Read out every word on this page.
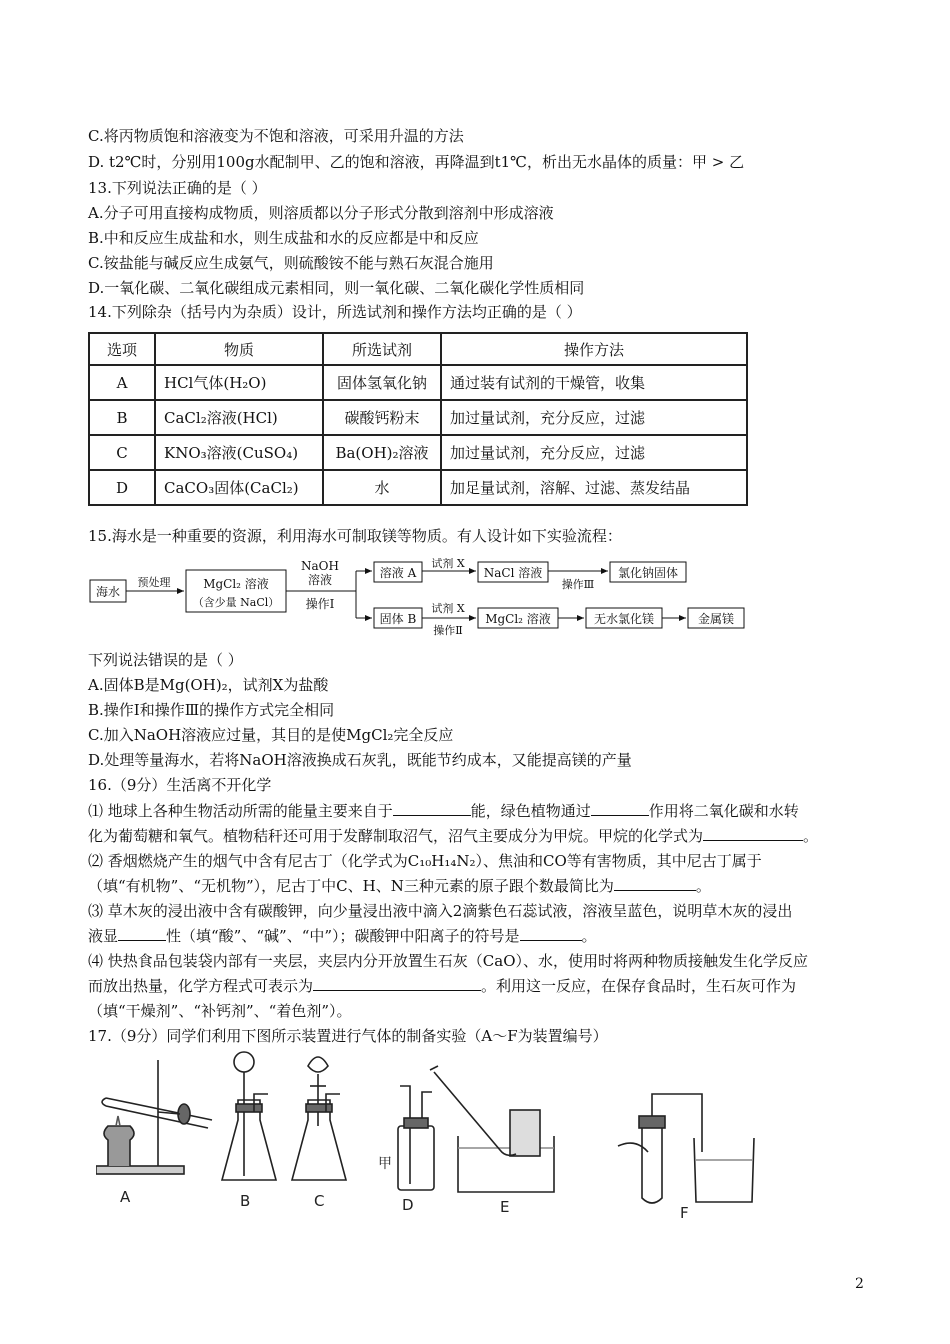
C.将丙物质饱和溶液变为不饱和溶液，可采用升温的方法
D. t2℃时，分别用100g水配制甲、乙的饱和溶液，再降温到t1℃，析出无水晶体的质量：甲 > 乙
13.下列说法正确的是（ ）
A.分子可用直接构成物质，则溶质都以分子形式分散到溶剂中形成溶液
B.中和反应生成盐和水，则生成盐和水的反应都是中和反应
C.铵盐能与碱反应生成氨气，则硫酸铵不能与熟石灰混合施用
D.一氧化碳、二氧化碳组成元素相同，则一氧化碳、二氧化碳化学性质相同
14.下列除杂（括号内为杂质）设计，所选试剂和操作方法均正确的是（ ）
选项	物质	所选试剂	操作方法
A	HCl气体(H₂O)	固体氢氧化钠	通过装有试剂的干燥管，收集
B	CaCl₂溶液(HCl)	碳酸钙粉末	加过量试剂，充分反应，过滤
C	KNO₃溶液(CuSO₄)	Ba(OH)₂溶液	加过量试剂，充分反应，过滤
D	CaCO₃固体(CaCl₂)	水	加足量试剂，溶解、过滤、蒸发结晶
15.海水是一种重要的资源，利用海水可制取镁等物质。有人设计如下实验流程：
海水
预处理	MgCl₂ 溶液
（含少量 NaCl）
NaOH
溶液
操作Ⅰ
溶液 A
试剂 X
NaCl 溶液
操作Ⅲ
氯化钠固体
固体 B
试剂 X
操作Ⅱ
MgCl₂ 溶液	无水氯化镁	金属镁
下列说法错误的是（ ）
A.固体B是Mg(OH)₂，试剂X为盐酸
B.操作Ⅰ和操作Ⅲ的操作方式完全相同
C.加入NaOH溶液应过量，其目的是使MgCl₂完全反应
D.处理等量海水，若将NaOH溶液换成石灰乳，既能节约成本，又能提高镁的产量
16.（9分）生活离不开化学
⑴ 地球上各种生物活动所需的能量主要来自于	能，绿色植物通过	作用将二氧化碳和水转
化为葡萄糖和氧气。植物秸秆还可用于发酵制取沼气，沼气主要成分为甲烷。甲烷的化学式为	。
⑵ 香烟燃烧产生的烟气中含有尼古丁（化学式为C₁₀H₁₄N₂）、焦油和CO等有害物质，其中尼古丁属于
（填“有机物”、“无机物”），尼古丁中C、H、N三种元素的原子跟个数最简比为	。
⑶ 草木灰的浸出液中含有碳酸钾，向少量浸出液中滴入2滴紫色石蕊试液，溶液呈蓝色，说明草木灰的浸出
液显	性（填“酸”、“碱”、“中”）；碳酸钾中阳离子的符号是	。
⑷ 快热食品包装袋内部有一夹层，夹层内分开放置生石灰（CaO）、水，使用时将两种物质接触发生化学反应
而放出热量，化学方程式可表示为	。利用这一反应，在保存食品时，生石灰可作为
（填“干燥剂”、“补钙剂”、“着色剂”）。
17.（9分）同学们利用下图所示装置进行气体的制备实验（A～F为装置编号）
甲
A	B	C	D	E	F
2
